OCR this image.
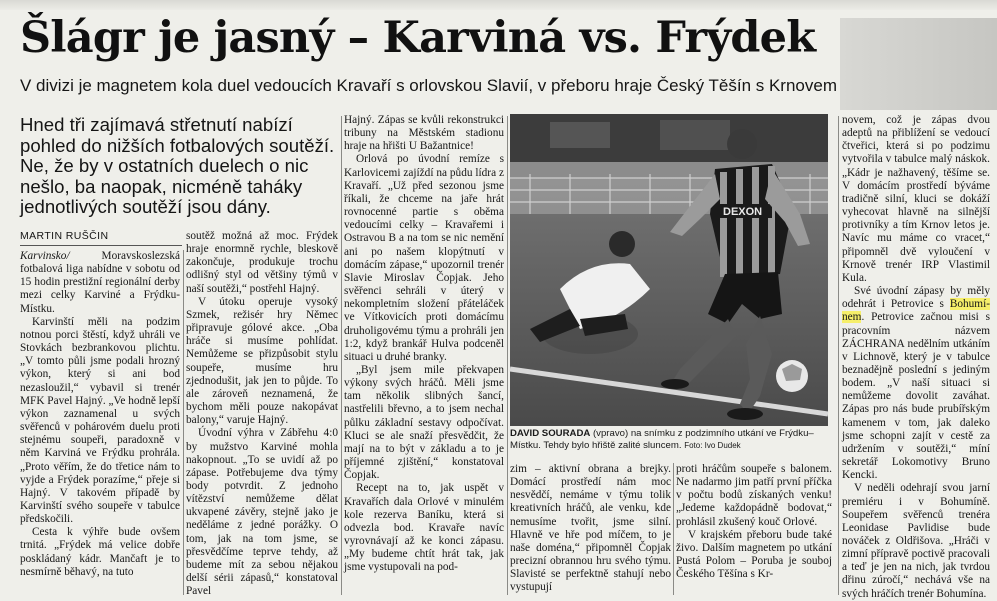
Šlágr je jasný – Karviná vs. Frýdek
V divizi je magnetem kola duel vedoucích Kravaří s orlovskou Slavií, v přeboru hraje Český Těšín s Krnovem
Hned tři zajímavá střetnutí nabízí pohled do nižších fotbalových soutěží. Ne, že by v ostatních duelech o nic nešlo, ba naopak, nicméně taháky jednotlivých soutěží jsou dány.
MARTIN RUŠČIN

Karvinsko/ Moravskoslezská fotbalová liga nabídne v sobotu od 15 hodin prestižní regionální derby mezi celky Karviné a Frýdku-Místku.

Karvinští měli na podzim notnou porci štěstí, když uhráli ve Stovkách bezbrankovou plichtu. „V tomto půli jsme podali hrozný výkon, který si ani bod nezasloužil,“ vybavil si trenér MFK Pavel Hajný. „Ve hodně lepší výkon zaznamenal u svých svěřenců v pohárovém duelu proti stejnému soupeři, paradoxně v něm Karviná ve Frýdku prohrála. „Proto věřím, že do třetice nám to vyjde a Frýdek porazíme,“ přeje si Hajný. V takovém případě by Karvinští svého soupeře v tabulce předskočili.

Cesta k výhře bude ovšem trnitá. „Frýdek má velice dobře poskládaný kádr. Mančaft je to nesmírně běhavý, na tuto

soutěž možná až moc. Frýdek hraje enormně rychle, bleskově zakončuje, produkuje trochu odlišný styl od většiny týmů v naší soutěži,“ postřehl Hajný.

V útoku operuje vysoký Szmek, režisér hry Němec připravuje gólové akce. „Oba hráče si musíme pohlídat. Nemůžeme se přizpůsobit stylu soupeře, musíme hru zjednodušit, jak jen to půjde. To ale zároveň neznamená, že bychom měli pouze nakopávat balony,“ varuje Hajný.

Úvodní výhra v Zábřehu 4:0 by mužstvo Karviné mohla nakopnout. „To se uvidí až po zápase. Potřebujeme dva týmy body potvrdit. Z jednoho vítězství nemůžeme dělat ukvapené závěry, stejně jako je neděláme z jedné porážky. O tom, jak na tom jsme, se přesvědčíme teprve tehdy, až budeme mít za sebou nějakou delší sérii zápasů,“ konstatoval Pavel

Hajný. Zápas se kvůli rekonstrukci tribuny na Městském stadionu hraje na hřišti U Bažantnice!

Orlová po úvodní remíze s Karlovicemi zajíždí na půdu lídra z Kravaří. „Už před sezonou jsme říkali, že chceme na jaře hrát rovnocenné partie s oběma vedoucími celky – Kravařemi i Ostravou B a na tom se nic nemění ani po našem klopýtnutí v domácím zápase,“ upozornil trenér Slavie Miroslav Čopjak. Jeho svěřenci sehráli v úterý v nekompletním složení přáteláček ve Vítkovicích proti domácímu druholigovému týmu a prohráli jen 1:2, když brankář Hulva podceněl situaci u druhé branky.

„Byl jsem mile překvapen výkony svých hráčů. Měli jsme tam několik slibných šancí, nastřelili břevno, a to jsem nechal půlku základní sestavy odpočívat. Kluci se ale snaží přesvědčit, že mají na to být v základu a to je příjemné zjištění,“ konstatoval Čopjak.

Recept na to, jak uspět v Kravařích dala Orlové v minulém kole rezerva Baníku, která si odvezla bod. Kravaře navíc vyrovnávají až ke konci zápasu. „My budeme chtít hrát tak, jak jsme vystupovali na pod-

DEXON
DAVID SOURADA (vpravo) na snímku z podzimního utkání ve Frýdku–Místku. Tehdy bylo hřiště zalité sluncem. Foto: Ivo Dudek

zim – aktivní obrana a brejky. Domácí prostředí nám moc nesvědčí, nemáme v týmu tolik kreativních hráčů, ale venku, kde nemusíme tvořit, jsme silní. Hlavně ve hře pod míčem, to je naše doména,“ připomněl Čopjak precizní obrannou hru svého týmu. Slavisté se perfektně stahují nebo vystupují

proti hráčům soupeře s balonem. Ne nadarmo jim patří první příčka v počtu bodů získaných venku! „Jedeme každopádně bodovat,“ prohlásil zkušený kouč Orlové.

V krajském přeboru bude také živo. Dalším magnetem po utkání Pustá Polom – Poruba je souboj Českého Těšína s Kr-

novem, což je zápas dvou adeptů na přiblížení se vedoucí čtveřici, která si po podzimu vytvořila v tabulce malý náskok. „Kádr je nažhavený, těšíme se. V domácím prostředí býváme tradičně silní, kluci se dokáží vyhecovat hlavně na silnější protivníky a tím Krnov letos je. Navíc mu máme co vracet,“ připomněl dvě vyloučení v Krnově trenér IRP Vlastimil Kula.

Své úvodní zápasy by měly odehrát i Petrovice s Bohumí-nem. Petrovice začnou misi s pracovním názvem ZÁCHRANA nedělním utkáním v Lichnově, který je v tabulce beznadějně poslední s jediným bodem. „V naší situaci si nemůžeme dovolit zaváhat. Zápas pro nás bude prubířským kamenem v tom, jak daleko jsme schopni zajít v cestě za udržením v soutěži,“ míní sekretář Lokomotivy Bruno Kencki.

V neděli odehrají svou jarní premiéru i v Bohumíně. Soupeřem svěřenců trenéra Leonidase Pavlidise bude nováček z Oldřišova. „Hráči v zimní přípravě poctivě pracovali a teď je jen na nich, jak tvrdou dřinu zúročí,“ nechává vše na svých hráčích trenér Bohumína.
